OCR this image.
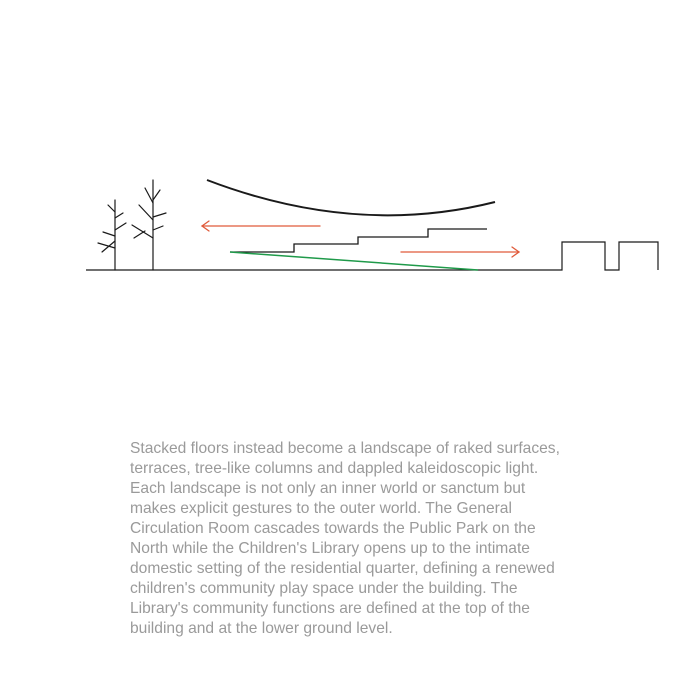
Stacked floors instead become a landscape of raked surfaces,
terraces, tree-like columns and dappled kaleidoscopic light.
Each landscape is not only an inner world or sanctum but
makes explicit gestures to the outer world. The General
Circulation Room cascades towards the Public Park on the
North while the Children's Library opens up to the intimate
domestic setting of the residential quarter, defining a renewed
children's community play space under the building. The
Library's community functions are defined at the top of the
building and at the lower ground level.
